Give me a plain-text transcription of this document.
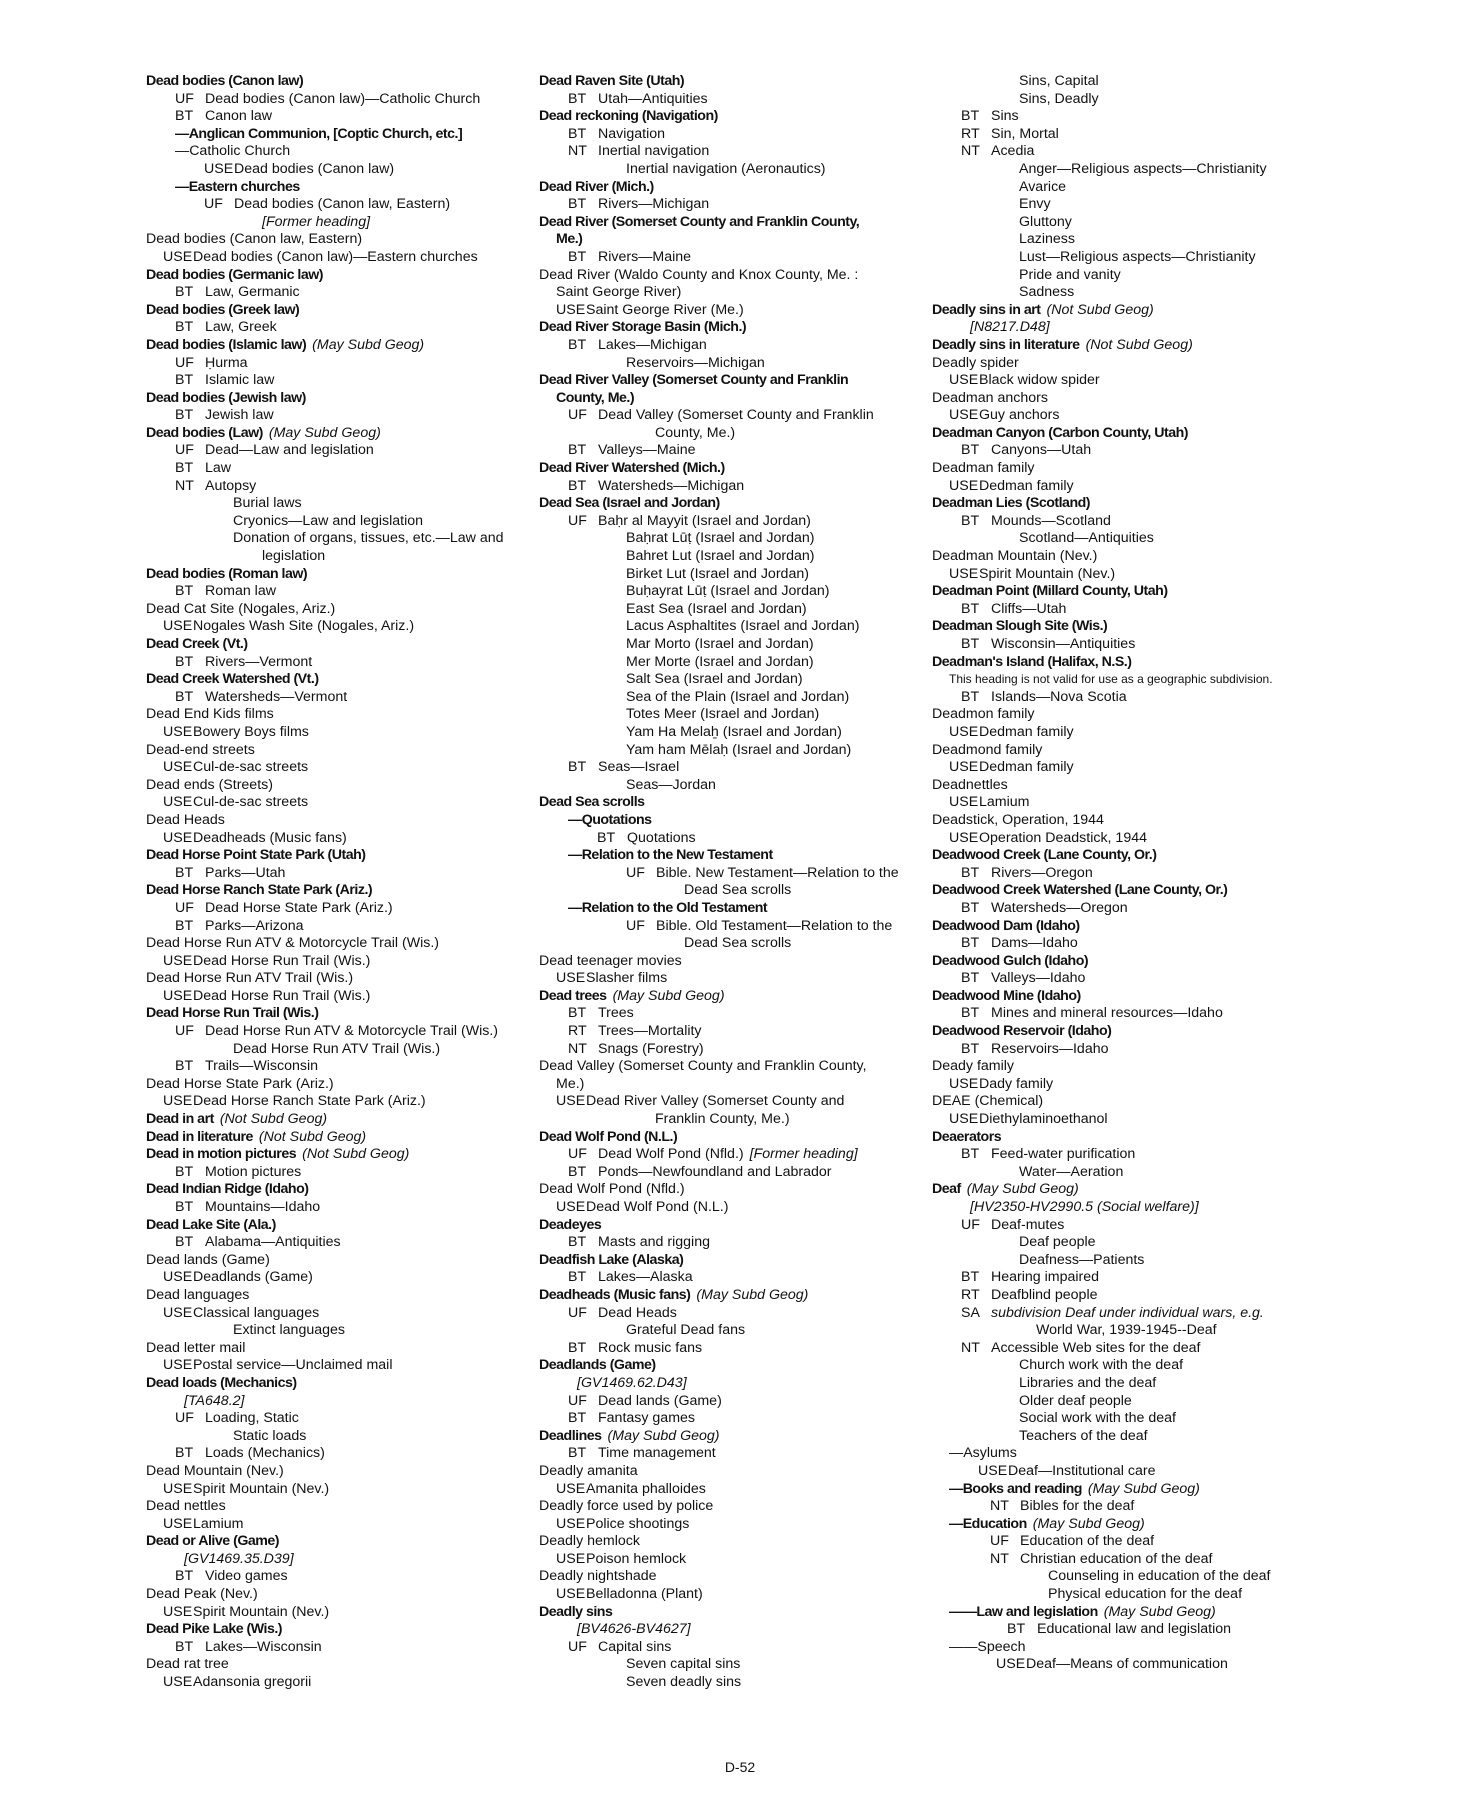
Dead bodies (Canon law)
UF Dead bodies (Canon law)—Catholic Church
BT Canon law
—Anglican Communion, [Coptic Church, etc.]
—Catholic Church
USEDead bodies (Canon law)
—Eastern churches
UF Dead bodies (Canon law, Eastern)
[Former heading]
Dead bodies (Canon law, Eastern)
USEDead bodies (Canon law)—Eastern churches
Dead bodies (Germanic law)
BT Law, Germanic
Dead bodies (Greek law)
BT Law, Greek
Dead bodies (Islamic law) (May Subd Geog)
UF Ḥurma
BT Islamic law
Dead bodies (Jewish law)
BT Jewish law
Dead bodies (Law) (May Subd Geog)
UF Dead—Law and legislation
BT Law
NT Autopsy
Burial laws
Cryonics—Law and legislation
Donation of organs, tissues, etc.—Law and
legislation
Dead bodies (Roman law)
BT Roman law
Dead Cat Site (Nogales, Ariz.)
USENogales Wash Site (Nogales, Ariz.)
Dead Creek (Vt.)
BT Rivers—Vermont
Dead Creek Watershed (Vt.)
BT Watersheds—Vermont
Dead End Kids films
USEBowery Boys films
Dead-end streets
USECul-de-sac streets
Dead ends (Streets)
USECul-de-sac streets
Dead Heads
USEDeadheads (Music fans)
Dead Horse Point State Park (Utah)
BT Parks—Utah
Dead Horse Ranch State Park (Ariz.)
UF Dead Horse State Park (Ariz.)
BT Parks—Arizona
Dead Horse Run ATV & Motorcycle Trail (Wis.)
USEDead Horse Run Trail (Wis.)
Dead Horse Run ATV Trail (Wis.)
USEDead Horse Run Trail (Wis.)
Dead Horse Run Trail (Wis.)
UF Dead Horse Run ATV & Motorcycle Trail (Wis.)
Dead Horse Run ATV Trail (Wis.)
BT Trails—Wisconsin
Dead Horse State Park (Ariz.)
USEDead Horse Ranch State Park (Ariz.)
Dead in art (Not Subd Geog)
Dead in literature (Not Subd Geog)
Dead in motion pictures (Not Subd Geog)
BT Motion pictures
Dead Indian Ridge (Idaho)
BT Mountains—Idaho
Dead Lake Site (Ala.)
BT Alabama—Antiquities
Dead lands (Game)
USEDeadlands (Game)
Dead languages
USEClassical languages
Extinct languages
Dead letter mail
USEPostal service—Unclaimed mail
Dead loads (Mechanics)
[TA648.2]
UF Loading, Static
Static loads
BT Loads (Mechanics)
Dead Mountain (Nev.)
USESpirit Mountain (Nev.)
Dead nettles
USELamium
Dead or Alive (Game)
[GV1469.35.D39]
BT Video games
Dead Peak (Nev.)
USESpirit Mountain (Nev.)
Dead Pike Lake (Wis.)
BT Lakes—Wisconsin
Dead rat tree
USEAdansonia gregorii
Dead Raven Site (Utah)
BT Utah—Antiquities
Dead reckoning (Navigation)
BT Navigation
NT Inertial navigation
Inertial navigation (Aeronautics)
Dead River (Mich.)
BT Rivers—Michigan
Dead River (Somerset County and Franklin County,
Me.)
BT Rivers—Maine
Dead River (Waldo County and Knox County, Me. :
Saint George River)
USESaint George River (Me.)
Dead River Storage Basin (Mich.)
BT Lakes—Michigan
Reservoirs—Michigan
Dead River Valley (Somerset County and Franklin
County, Me.)
UF Dead Valley (Somerset County and Franklin
County, Me.)
BT Valleys—Maine
Dead River Watershed (Mich.)
BT Watersheds—Michigan
Dead Sea (Israel and Jordan)
UF Baḥr al Mayyit (Israel and Jordan)
Baḥrat Lūṭ (Israel and Jordan)
Bahret Lut (Israel and Jordan)
Birket Lut (Israel and Jordan)
Buḥayrat Lūṭ (Israel and Jordan)
East Sea (Israel and Jordan)
Lacus Asphaltites (Israel and Jordan)
Mar Morto (Israel and Jordan)
Mer Morte (Israel and Jordan)
Salt Sea (Israel and Jordan)
Sea of the Plain (Israel and Jordan)
Totes Meer (Israel and Jordan)
Yam Ha Melaẖ (Israel and Jordan)
Yam ham Mēlaḥ (Israel and Jordan)
BT Seas—Israel
Seas—Jordan
Dead Sea scrolls
—Quotations
BT Quotations
—Relation to the New Testament
UF Bible. New Testament—Relation to the
Dead Sea scrolls
—Relation to the Old Testament
UF Bible. Old Testament—Relation to the
Dead Sea scrolls
Dead teenager movies
USESlasher films
Dead trees (May Subd Geog)
BT Trees
RT Trees—Mortality
NT Snags (Forestry)
Dead Valley (Somerset County and Franklin County,
Me.)
USEDead River Valley (Somerset County and
Franklin County, Me.)
Dead Wolf Pond (N.L.)
UF Dead Wolf Pond (Nfld.) [Former heading]
BT Ponds—Newfoundland and Labrador
Dead Wolf Pond (Nfld.)
USEDead Wolf Pond (N.L.)
Deadeyes
BT Masts and rigging
Deadfish Lake (Alaska)
BT Lakes—Alaska
Deadheads (Music fans) (May Subd Geog)
UF Dead Heads
Grateful Dead fans
BT Rock music fans
Deadlands (Game)
[GV1469.62.D43]
UF Dead lands (Game)
BT Fantasy games
Deadlines (May Subd Geog)
BT Time management
Deadly amanita
USEAmanita phalloides
Deadly force used by police
USEPolice shootings
Deadly hemlock
USEPoison hemlock
Deadly nightshade
USEBelladonna (Plant)
Deadly sins
[BV4626-BV4627]
UF Capital sins
Seven capital sins
Seven deadly sins
Sins, Capital
Sins, Deadly
BT Sins
RT Sin, Mortal
NT Acedia
Anger—Religious aspects—Christianity
Avarice
Envy
Gluttony
Laziness
Lust—Religious aspects—Christianity
Pride and vanity
Sadness
Deadly sins in art (Not Subd Geog)
[N8217.D48]
Deadly sins in literature (Not Subd Geog)
Deadly spider
USEBlack widow spider
Deadman anchors
USEGuy anchors
Deadman Canyon (Carbon County, Utah)
BT Canyons—Utah
Deadman family
USEDedman family
Deadman Lies (Scotland)
BT Mounds—Scotland
Scotland—Antiquities
Deadman Mountain (Nev.)
USESpirit Mountain (Nev.)
Deadman Point (Millard County, Utah)
BT Cliffs—Utah
Deadman Slough Site (Wis.)
BT Wisconsin—Antiquities
Deadman's Island (Halifax, N.S.)
This heading is not valid for use as a geographic subdivision.
BT Islands—Nova Scotia
Deadmon family
USEDedman family
Deadmond family
USEDedman family
Deadnettles
USELamium
Deadstick, Operation, 1944
USEOperation Deadstick, 1944
Deadwood Creek (Lane County, Or.)
BT Rivers—Oregon
Deadwood Creek Watershed (Lane County, Or.)
BT Watersheds—Oregon
Deadwood Dam (Idaho)
BT Dams—Idaho
Deadwood Gulch (Idaho)
BT Valleys—Idaho
Deadwood Mine (Idaho)
BT Mines and mineral resources—Idaho
Deadwood Reservoir (Idaho)
BT Reservoirs—Idaho
Deady family
USEDady family
DEAE (Chemical)
USEDiethylaminoethanol
Deaerators
BT Feed-water purification
Water—Aeration
Deaf (May Subd Geog)
[HV2350-HV2990.5 (Social welfare)]
UF Deaf-mutes
Deaf people
Deafness—Patients
BT Hearing impaired
RT Deafblind people
SA subdivision Deaf under individual wars, e.g.
World War, 1939-1945--Deaf
NT Accessible Web sites for the deaf
Church work with the deaf
Libraries and the deaf
Older deaf people
Social work with the deaf
Teachers of the deaf
—Asylums
USEDeaf—Institutional care
—Books and reading (May Subd Geog)
NT Bibles for the deaf
—Education (May Subd Geog)
UF Education of the deaf
NT Christian education of the deaf
Counseling in education of the deaf
Physical education for the deaf
——Law and legislation (May Subd Geog)
BT Educational law and legislation
——Speech
USEDeaf—Means of communication
D-52
